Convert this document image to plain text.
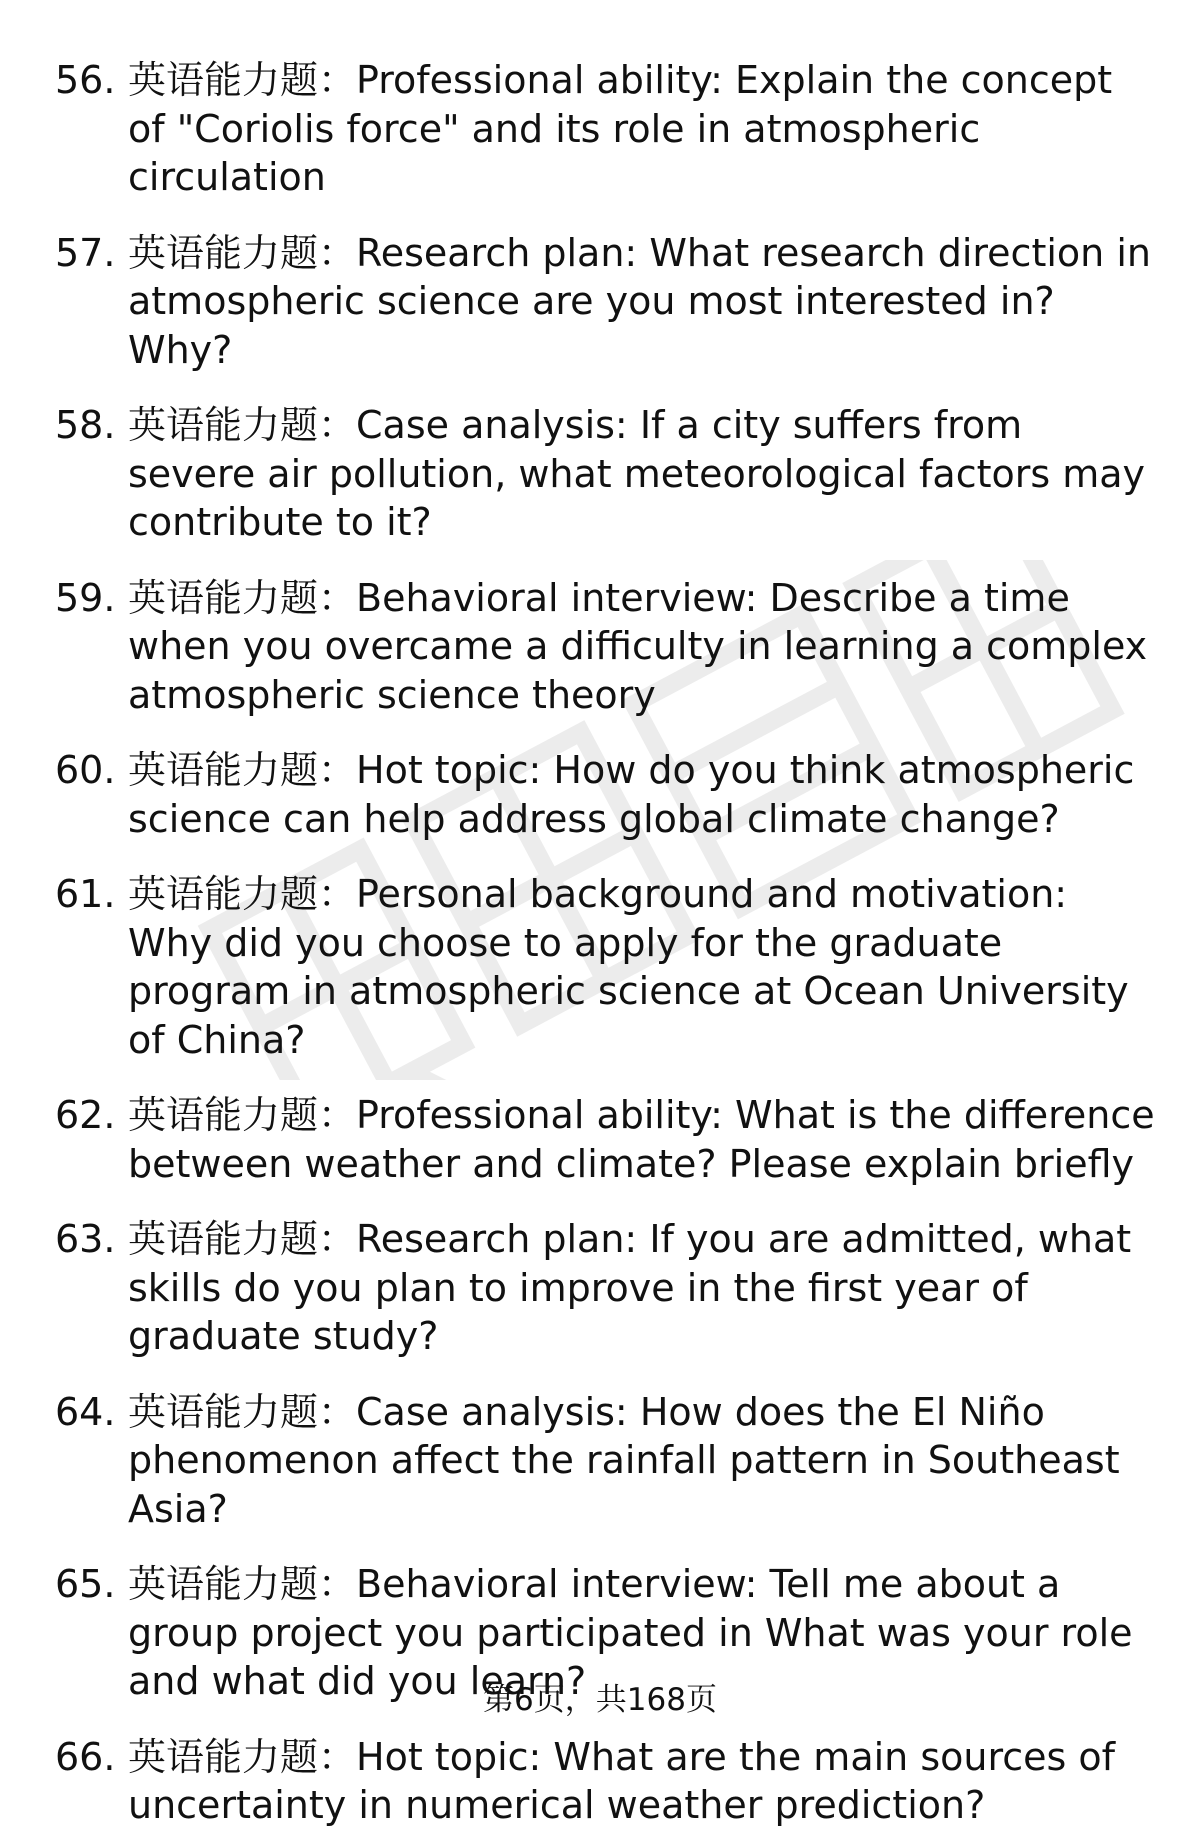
56. 英语能力题：Professional ability: Explain the concept of "Coriolis force" and its role in atmospheric circulation
57. 英语能力题：Research plan: What research direction in atmospheric science are you most interested in? Why?
58. 英语能力题：Case analysis: If a city suffers from severe air pollution, what meteorological factors may contribute to it?
59. 英语能力题：Behavioral interview: Describe a time when you overcame a difficulty in learning a complex atmospheric science theory
60. 英语能力题：Hot topic: How do you think atmospheric science can help address global climate change?
61. 英语能力题：Personal background and motivation: Why did you choose to apply for the graduate program in atmospheric science at Ocean University of China?
62. 英语能力题：Professional ability: What is the difference between weather and climate? Please explain briefly
63. 英语能力题：Research plan: If you are admitted, what skills do you plan to improve in the first year of graduate study?
64. 英语能力题：Case analysis: How does the El Niño phenomenon affect the rainfall pattern in Southeast Asia?
65. 英语能力题：Behavioral interview: Tell me about a group project you participated in What was your role and what did you learn?
66. 英语能力题：Hot topic: What are the main sources of uncertainty in numerical weather prediction?
第6页，共168页
